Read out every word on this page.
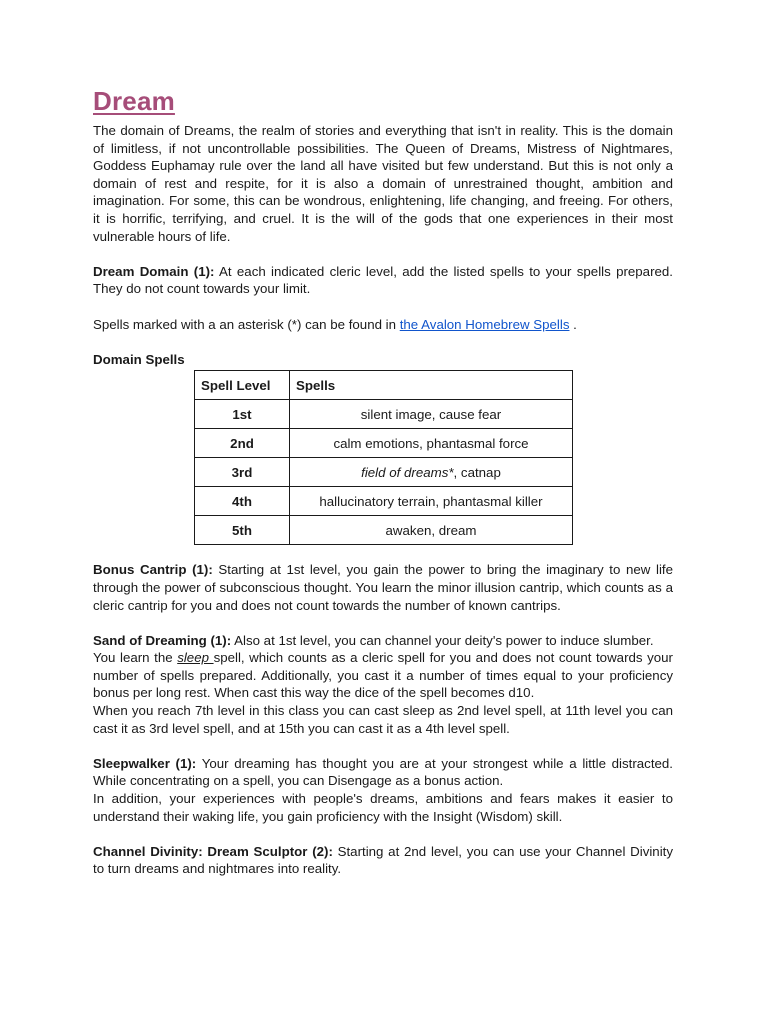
Dream

The domain of Dreams, the realm of stories and everything that isn't in reality. This is the domain of limitless, if not uncontrollable possibilities. The Queen of Dreams, Mistress of Nightmares, Goddess Euphamay rule over the land all have visited but few understand. But this is not only a domain of rest and respite, for it is also a domain of unrestrained thought, ambition and imagination. For some, this can be wondrous, enlightening, life changing, and freeing. For others, it is horrific, terrifying, and cruel. It is the will of the gods that one experiences in their most vulnerable hours of life.

Dream Domain (1): At each indicated cleric level, add the listed spells to your spells prepared. They do not count towards your limit.

Spells marked with a an asterisk (*) can be found in the Avalon Homebrew Spells .

Domain Spells
Spell Level	Spells
1st	silent image, cause fear
2nd	calm emotions, phantasmal force
3rd	field of dreams*, catnap
4th	hallucinatory terrain, phantasmal killer
5th	awaken, dream

Bonus Cantrip (1): Starting at 1st level, you gain the power to bring the imaginary to new life through the power of subconscious thought. You learn the minor illusion cantrip, which counts as a cleric cantrip for you and does not count towards the number of known cantrips.

Sand of Dreaming (1): Also at 1st level, you can channel your deity's power to induce slumber.

You learn the sleep spell, which counts as a cleric spell for you and does not count towards your number of spells prepared. Additionally, you cast it a number of times equal to your proficiency bonus per long rest. When cast this way the dice of the spell becomes d10.

When you reach 7th level in this class you can cast sleep as 2nd level spell, at 11th level you can cast it as 3rd level spell, and at 15th you can cast it as a 4th level spell.

Sleepwalker (1): Your dreaming has thought you are at your strongest while a little distracted. While concentrating on a spell, you can Disengage as a bonus action.

In addition, your experiences with people's dreams, ambitions and fears makes it easier to understand their waking life, you gain proficiency with the Insight (Wisdom) skill.

Channel Divinity: Dream Sculptor (2): Starting at 2nd level, you can use your Channel Divinity to turn dreams and nightmares into reality.
